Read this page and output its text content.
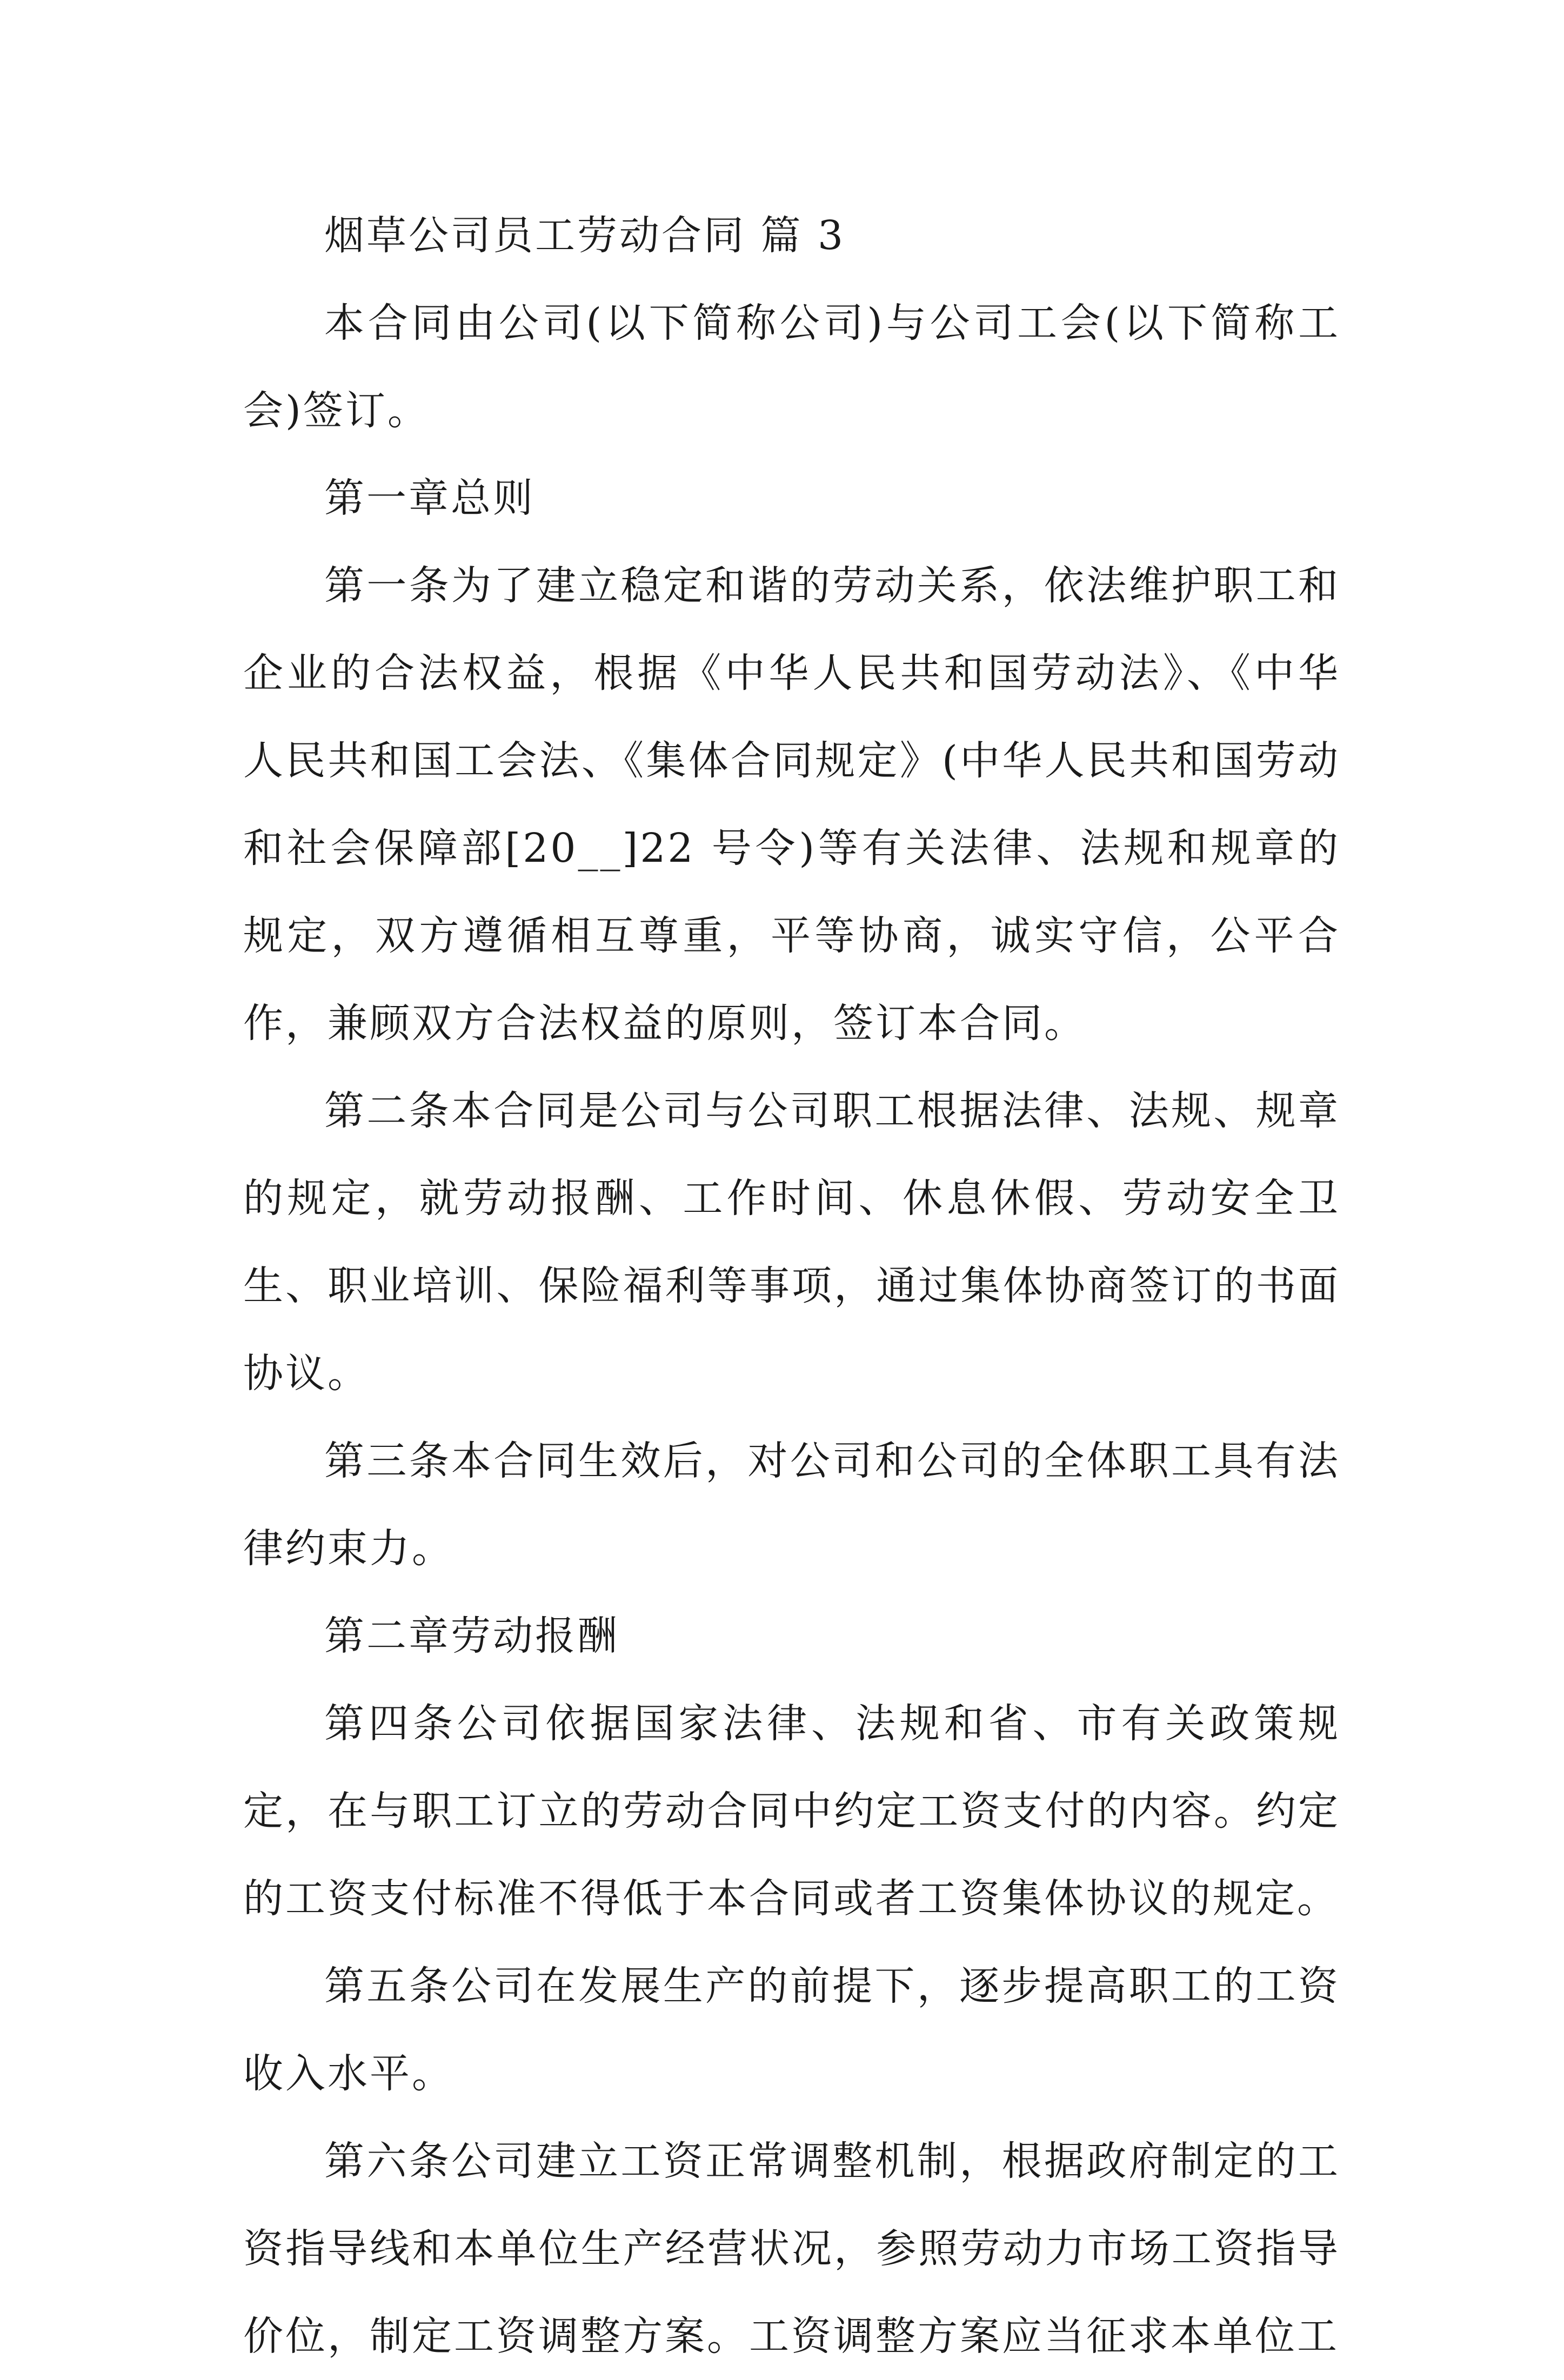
烟草公司员工劳动合同 篇 3

本合同由公司(以下简称公司)与公司工会(以下简称工会)签订。

第一章总则

第一条为了建立稳定和谐的劳动关系，依法维护职工和企业的合法权益，根据《中华人民共和国劳动法》、《中华人民共和国工会法、《集体合同规定》(中华人民共和国劳动和社会保障部[20__]22 号令)等有关法律、法规和规章的规定，双方遵循相互尊重，平等协商，诚实守信，公平合作，兼顾双方合法权益的原则，签订本合同。

第二条本合同是公司与公司职工根据法律、法规、规章的规定，就劳动报酬、工作时间、休息休假、劳动安全卫生、职业培训、保险福利等事项，通过集体协商签订的书面协议。

第三条本合同生效后，对公司和公司的全体职工具有法律约束力。

第二章劳动报酬

第四条公司依据国家法律、法规和省、市有关政策规定，在与职工订立的劳动合同中约定工资支付的内容。约定的工资支付标准不得低于本合同或者工资集体协议的规定。

第五条公司在发展生产的前提下，逐步提高职工的工资收入水平。

第六条公司建立工资正常调整机制，根据政府制定的工资指导线和本单位生产经营状况，参照劳动力市场工资指导价位，制定工资调整方案。工资调整方案应当征求本单位工
